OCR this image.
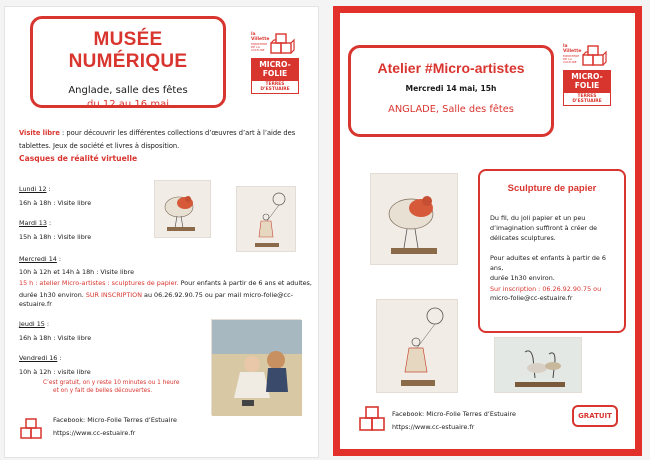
MUSÉE NUMÉRIQUE
Anglade, salle des fêtes
du 12 au 16 mai
la Villette
MINISTÈRE
DE LA CULTURE
MICRO-FOLIE
TERRES D’ESTUAIRE
Visite libre : pour découvrir les différentes collections d’œuvres d’art à l’aide des
tablettes. Jeux de société et livres à disposition.
Casques de réalité virtuelle
Lundi 12 :
16h à 18h : Visite libre
Mardi 13 :
15h à 18h : Visite libre
Mercredi 14 :
10h à 12h et 14h à 18h : Visite libre
15 h : atelier Micro-artistes : sculptures de papier. Pour enfants à partir de 6 ans et adultes,
durée 1h30 environ. SUR INSCRIPTION au 06.26.92.90.75 ou par mail micro-folie@cc-estuaire.fr
Jeudi 15 :
16h à 18h : Visite libre
Vendredi 16 :
10h à 12h : visite libre
C’est gratuit, on y reste 10 minutes ou 1 heure
et on y fait de belles découvertes.
Facebook: Micro-Folie Terres d’Estuaire
https://www.cc-estuaire.fr
Atelier #Micro-artistes
Mercredi 14 mai, 15h
ANGLADE, Salle des fêtes
la Villette
MINISTÈRE
DE LA CULTURE
MICRO-FOLIE
TERRES D’ESTUAIRE
Sculpture de papier
Du fil, du joli papier et un peu
d’imagination suffiront à créer de
délicates sculptures.
Pour adultes et enfants à partir de 6 ans,
durée 1h30 environ.
Sur inscription : 06.26.92.90.75 ou
micro-folie@cc-estuaire.fr
Facebook: Micro-Folie Terres d’Estuaire
https://www.cc-estuaire.fr
GRATUIT
